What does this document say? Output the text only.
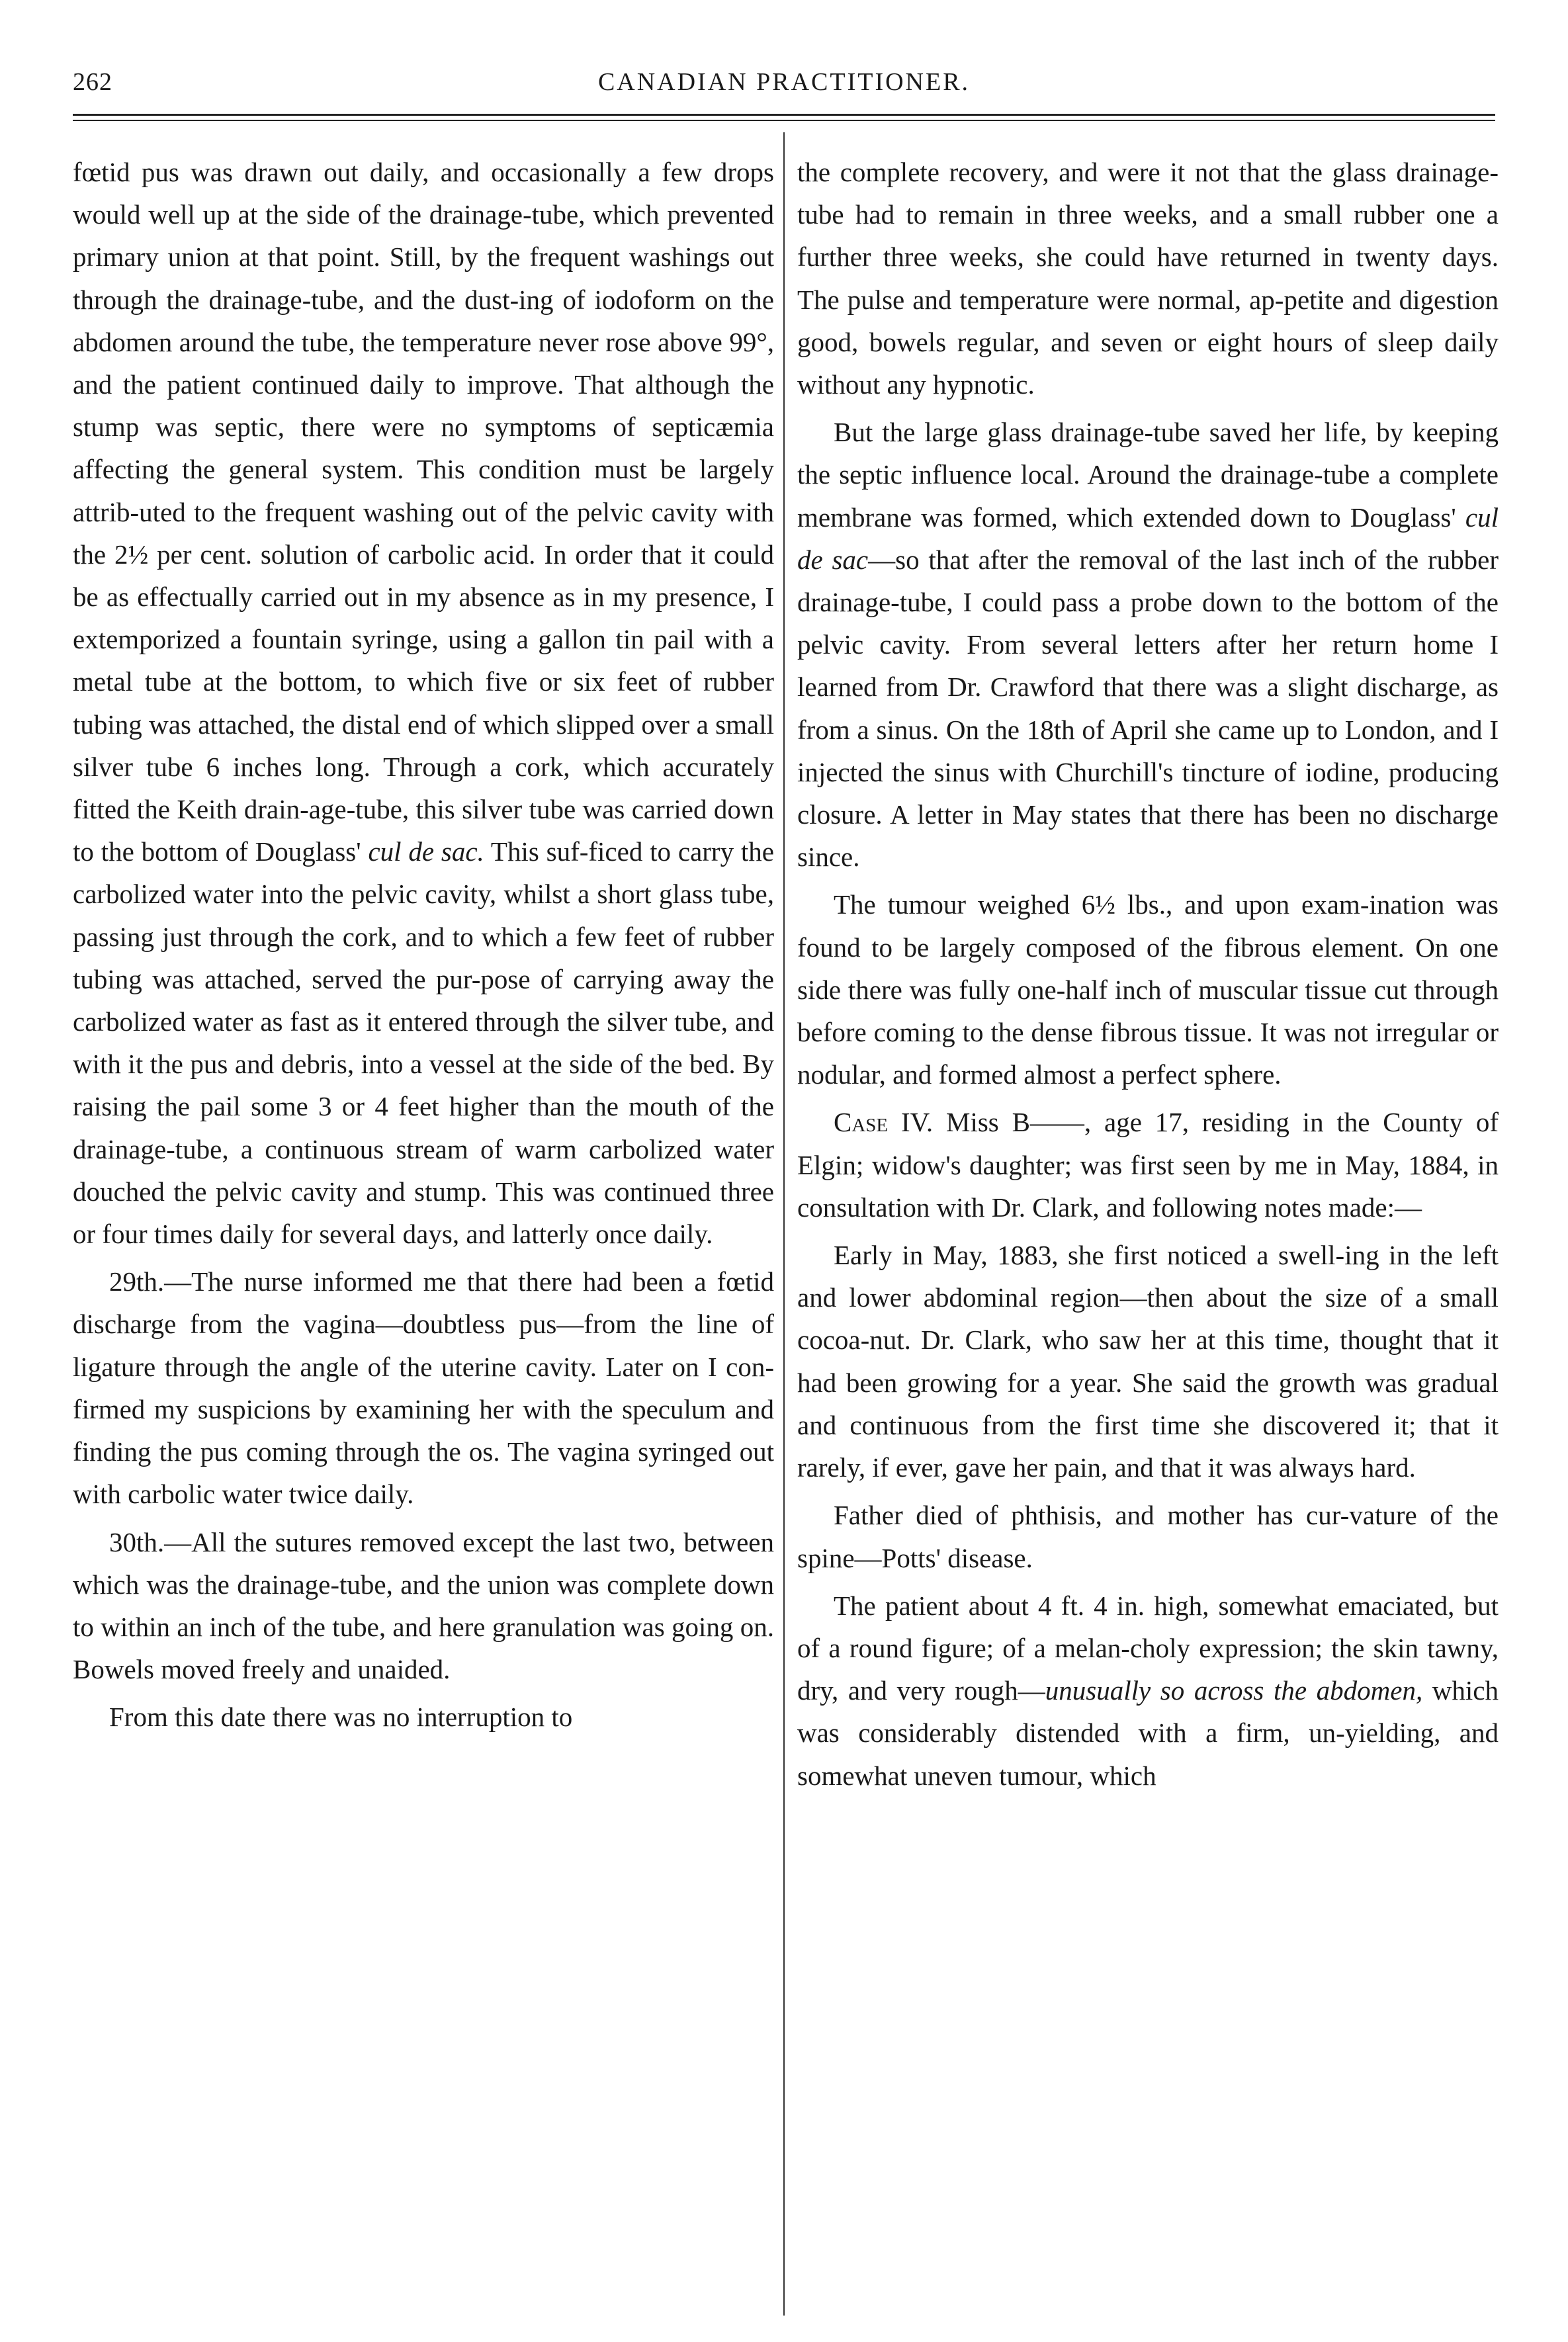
262	CANADIAN PRACTITIONER.

fœtid pus was drawn out daily, and occasionally a few drops would well up at the side of the drainage-tube, which prevented primary union at that point. Still, by the frequent washings out through the drainage-tube, and the dust-ing of iodoform on the abdomen around the tube, the temperature never rose above 99°, and the patient continued daily to improve. That although the stump was septic, there were no symptoms of septicæmia affecting the general system. This condition must be largely attrib-uted to the frequent washing out of the pelvic cavity with the 2½ per cent. solution of carbolic acid. In order that it could be as effectually carried out in my absence as in my presence, I extemporized a fountain syringe, using a gallon tin pail with a metal tube at the bottom, to which five or six feet of rubber tubing was attached, the distal end of which slipped over a small silver tube 6 inches long. Through a cork, which accurately fitted the Keith drain-age-tube, this silver tube was carried down to the bottom of Douglass' cul de sac. This suf-ficed to carry the carbolized water into the pelvic cavity, whilst a short glass tube, passing just through the cork, and to which a few feet of rubber tubing was attached, served the pur-pose of carrying away the carbolized water as fast as it entered through the silver tube, and with it the pus and debris, into a vessel at the side of the bed. By raising the pail some 3 or 4 feet higher than the mouth of the drainage-tube, a continuous stream of warm carbolized water douched the pelvic cavity and stump. This was continued three or four times daily for several days, and latterly once daily.

29th.—The nurse informed me that there had been a fœtid discharge from the vagina—doubtless pus—from the line of ligature through the angle of the uterine cavity. Later on I con-firmed my suspicions by examining her with the speculum and finding the pus coming through the os. The vagina syringed out with carbolic water twice daily.

30th.—All the sutures removed except the last two, between which was the drainage-tube, and the union was complete down to within an inch of the tube, and here granulation was going on. Bowels moved freely and unaided.

From this date there was no interruption to

the complete recovery, and were it not that the glass drainage-tube had to remain in three weeks, and a small rubber one a further three weeks, she could have returned in twenty days. The pulse and temperature were normal, ap-petite and digestion good, bowels regular, and seven or eight hours of sleep daily without any hypnotic.

But the large glass drainage-tube saved her life, by keeping the septic influence local. Around the drainage-tube a complete membrane was formed, which extended down to Douglass' cul de sac—so that after the removal of the last inch of the rubber drainage-tube, I could pass a probe down to the bottom of the pelvic cavity. From several letters after her return home I learned from Dr. Crawford that there was a slight discharge, as from a sinus. On the 18th of April she came up to London, and I injected the sinus with Churchill's tincture of iodine, producing closure. A letter in May states that there has been no discharge since.

The tumour weighed 6½ lbs., and upon exam-ination was found to be largely composed of the fibrous element. On one side there was fully one-half inch of muscular tissue cut through before coming to the dense fibrous tissue. It was not irregular or nodular, and formed almost a perfect sphere.

Case IV. Miss B——, age 17, residing in the County of Elgin; widow's daughter; was first seen by me in May, 1884, in consultation with Dr. Clark, and following notes made:—

Early in May, 1883, she first noticed a swell-ing in the left and lower abdominal region—then about the size of a small cocoa-nut. Dr. Clark, who saw her at this time, thought that it had been growing for a year. She said the growth was gradual and continuous from the first time she discovered it; that it rarely, if ever, gave her pain, and that it was always hard.

Father died of phthisis, and mother has cur-vature of the spine—Potts' disease.

The patient about 4 ft. 4 in. high, somewhat emaciated, but of a round figure; of a melan-choly expression; the skin tawny, dry, and very rough—unusually so across the abdomen, which was considerably distended with a firm, un-yielding, and somewhat uneven tumour, which
